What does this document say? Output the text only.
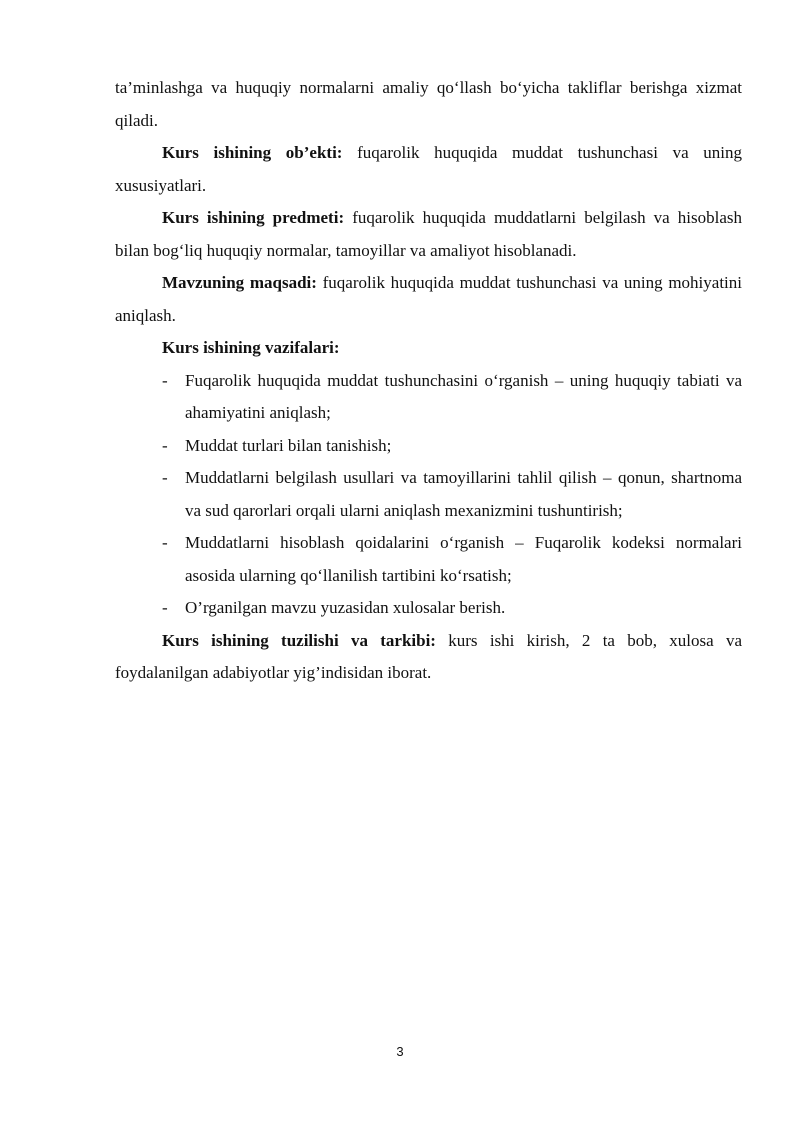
ta’minlashga va huquqiy normalarni amaliy qo‘llash bo‘yicha takliflar berishga xizmat qiladi.

Kurs ishining ob’ekti: fuqarolik huquqida muddat tushunchasi va uning xususiyatlari.

Kurs ishining predmeti: fuqarolik huquqida muddatlarni belgilash va hisoblash bilan bog‘liq huquqiy normalar, tamoyillar va amaliyot hisoblanadi.

Mavzuning maqsadi: fuqarolik huquqida muddat tushunchasi va uning mohiyatini aniqlash.

Kurs ishining vazifalari:

- Fuqarolik huquqida muddat tushunchasini o‘rganish – uning huquqiy tabiati va ahamiyatini aniqlash;
- Muddat turlari bilan tanishish;
- Muddatlarni belgilash usullari va tamoyillarini tahlil qilish – qonun, shartnoma va sud qarorlari orqali ularni aniqlash mexanizmini tushuntirish;
- Muddatlarni hisoblash qoidalarini o‘rganish – Fuqarolik kodeksi normalari asosida ularning qo‘llanilish tartibini ko‘rsatish;
- O’rganilgan mavzu yuzasidan xulosalar berish.

Kurs ishining tuzilishi va tarkibi: kurs ishi kirish, 2 ta bob, xulosa va foydalanilgan adabiyotlar yig’indisidan iborat.

3
